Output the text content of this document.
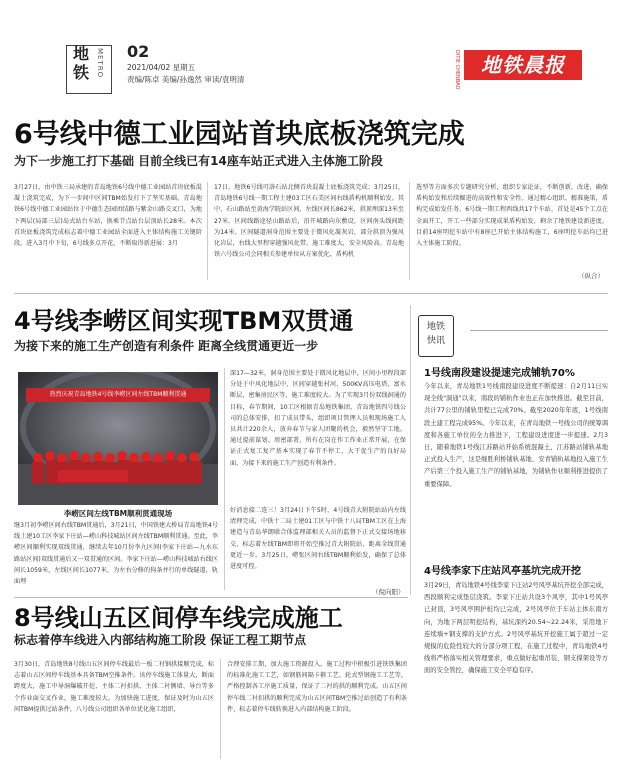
地铁 METRO 02
2021/04/02 星期五
责编/陈卓 美编/孙逸然 审读/袁明清	DITIE CHENBAO	地铁晨报
6号线中德工业园站首块底板浇筑完成
为下一步施工打下基础 目前全线已有14座车站正式进入主体施工阶段
3月27日，由中铁三局承建的青岛地铁6号线中德工业园站首块底板混凝土浇筑完成，为下一步间中区间TBM始发打下了坚实基础。青岛地铁6号线中德工业园站位于中德生态园团结路与紫金山路交叉口，为地下两层(局部三层)岛式站台车站，换乘节点站台层顶站长28米。本次首块底板浇筑完成标志着中德工业园站全面进入主体结构施工关键阶段。进入3月中下旬，6号线多点开花，不断取得新进展：3月
17日，地铁6号线可洛石站北侧首块混凝土底板浇筑完成；3月25日，青岛地铁6号线一期工程土建03工区石美区间右线盾构机顺利始发。其中，石山路站至黄海学院站区间，左线区间长862米，拱顶埋深13米至27米。区间线路途径山路站后，沿开城路向东敷设，区间南头线间距为14米。区间隧道洞身范围主要处于微风化凝灰岩，部分拱顶为强风化岩层，右线大里程穿越强风化带，施工难度大，安全风险高。青岛地铁六号线公司会同相关参建单位从方案优化、盾构机
选型等方面多次专题研究分析，组织专家论证，不断创新，改进，确保盾构始发和后续掘进的高效性和安全性。通过精心组织、精准施策，盾构完成始发任务。6号线一期工程西线共17个车站，首处是45个工点在全面开工，开工一些部分实现成果盾构始发，剩余了地铁建设新进度。目前14座明挖车站中有8座已开始主体结构施工，6座明挖车站均已进入主体施工阶段。
（纵合）
4号线李崂区间实现TBM双贯通
为接下来的施工生产创造有利条件 距离全线贯通更近一步
热烈庆祝青岛地铁4号线李崂区间左线TBM顺利贯通
李崂区间左线TBM顺利贯通现场
继3月初李崂区间右线TBM贯通后，3月21日，中国铁建大桥局青岛地铁4号线土建10工区李家下庄站—崂山科技城站区间左线TBM顺利贯通。至此，李崂区间顺利实现双线贯通，继续去年10月份李九区间(李家下庄站—九水东路站区间)双线贯通后又一双贯通的区间。李家下庄站—崂山科技城站右线区间长1059米，左线区间长1077米，为左右分修的狗条并行的单线隧道，轨面埋
深17—32米，洞身范围主要处于微风化地层中，区间小里程段部分处于中风化地层中，区间穿越张村河、500KV高压电塔、富水断层、密集房民区等，施工难度较大。为了实现3月份双线洞通的目标，春节期间，10工区根据青岛地铁集团、青岛地铁四号线公司的总体安排，扣了成员带头，组织项目管理人员和现场施工人员共计220余人，放弃春节与家人团聚的机会，毅然坚守工地。通过提前谋划、周密部署，所有在岗在作工作业正常开展，在保证正式复工复产基本实现了春节不停工，大干促生产的良好局面，为接下来的施工生产创造有利条件。
好消息接二连三！3月24日下午5时，4号线青大附院站站内左线清理完成，中铁十二局土建01工区与中铁十八局TBM工区在上海建造与青岛华朗联合体监理部相关人员的监督下正式交接场地移交，标志着左线TBM即将开始空推过青大附院站，距离全线贯通更近一步。3月25日，崂张区间右线TBM顺利始发，确保了总体进度可控。
（倪向阳）
地铁
快讯
1号线南段建设提速完成铺轨70%
今年以来，青岛地铁1号线南段建设进度不断提速：自2月11日实现全线"洞通"以来，南段的铺轨作业也正在加快推进。截至目前，共计77公里的铺轨里程已完成70%。截至2020年年底，1号线南段土建工程完成95%。今年以来，在青岛地铁一号线公司的统筹调度和各施工单位的全力推进下，工程建设进度进一步提速。2月3日，随着地铁1号线江苏路站开始系统混凝土，江苏路站铺轨基地正式投入生产，这是继胜利桥铺轨基地、安青铺轨基地投入施工生产后第三个投入施工生产的铺轨基地，为铺轨作业顺利推进提供了重要保障。
4号线李家下庄站风亭基坑完成开挖
3月29日，青岛地铁4号线李家下庄站2号风亭基坑开挖全部完成，西段顺利完成垫层浇筑。李家下庄站共设3个风亭，其中1号风亭已封顶，3号风亭围护桩均已完成，2号风亭位于车站主体东南方向，为地下两层明挖结构，基坑深约20.54~22.24米，采用地下连续墙+钢支撑的支护方式。2号风亭基坑开挖施工属于超过一定规模的危险性较大的分部分项工程，在施工过程中，青岛地铁4号线将严格落实相关管理要求，重点做好起重吊装、钢支撑架设等方面的安全管控，确保施工安全平稳有序。
8号线山五区间停车线完成施工
标志着停车线进入内部结构施工阶段 保证工程工期节点
3月30日，青岛地铁8号线山五区间停车线最后一板二衬钢拱接顺完成，标志着山五区间停车线基本具备TBM空推条件。该停车线施工体量大，断面跨度大，施工中导洞爆破开挖、主体二衬扣拱、主体二衬侧墙、导台等多个作业面交叉作业，施工难度较大。为加快施工进度，保证及时为山五区间TBM提供过站条件，八号线公司组织各单位优化施工组织，
合理安排工期，加大施工资源投入。施工过程中积极引进铁铁集团的标准化施工工艺，如钢筋间隔卡箍工艺、轮式型钢施工工艺等，严格控制各工序施工质量，保证了二衬的拱的顺利完成。山五区间停车线二衬扣拱的顺利完成为山五区间TBM空推过站创造了有利条件，标志着停车线转换进入内部结构施工阶段。
